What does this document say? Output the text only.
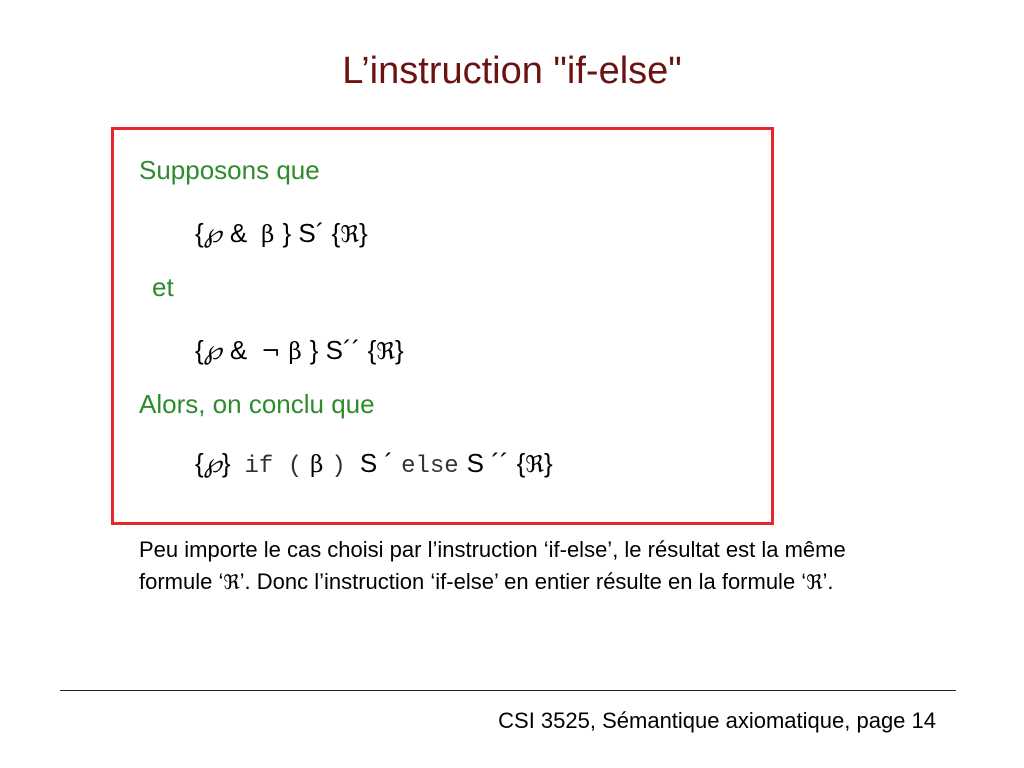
L’instruction "if-else"
Supposons que
{℘ & β } S´ {ℜ}
et
{℘ & ¬ β } S´´ {ℜ}
Alors, on conclu que
{℘} if ( β ) S ´ else S ´´ {ℜ}
Peu importe le cas choisi par l’instruction ‘if-else’, le résultat est la même formule ‘ℜ’. Donc l’instruction ‘if-else’ en entier résulte en la formule ‘ℜ’.
CSI 3525, Sémantique axiomatique, page 14
